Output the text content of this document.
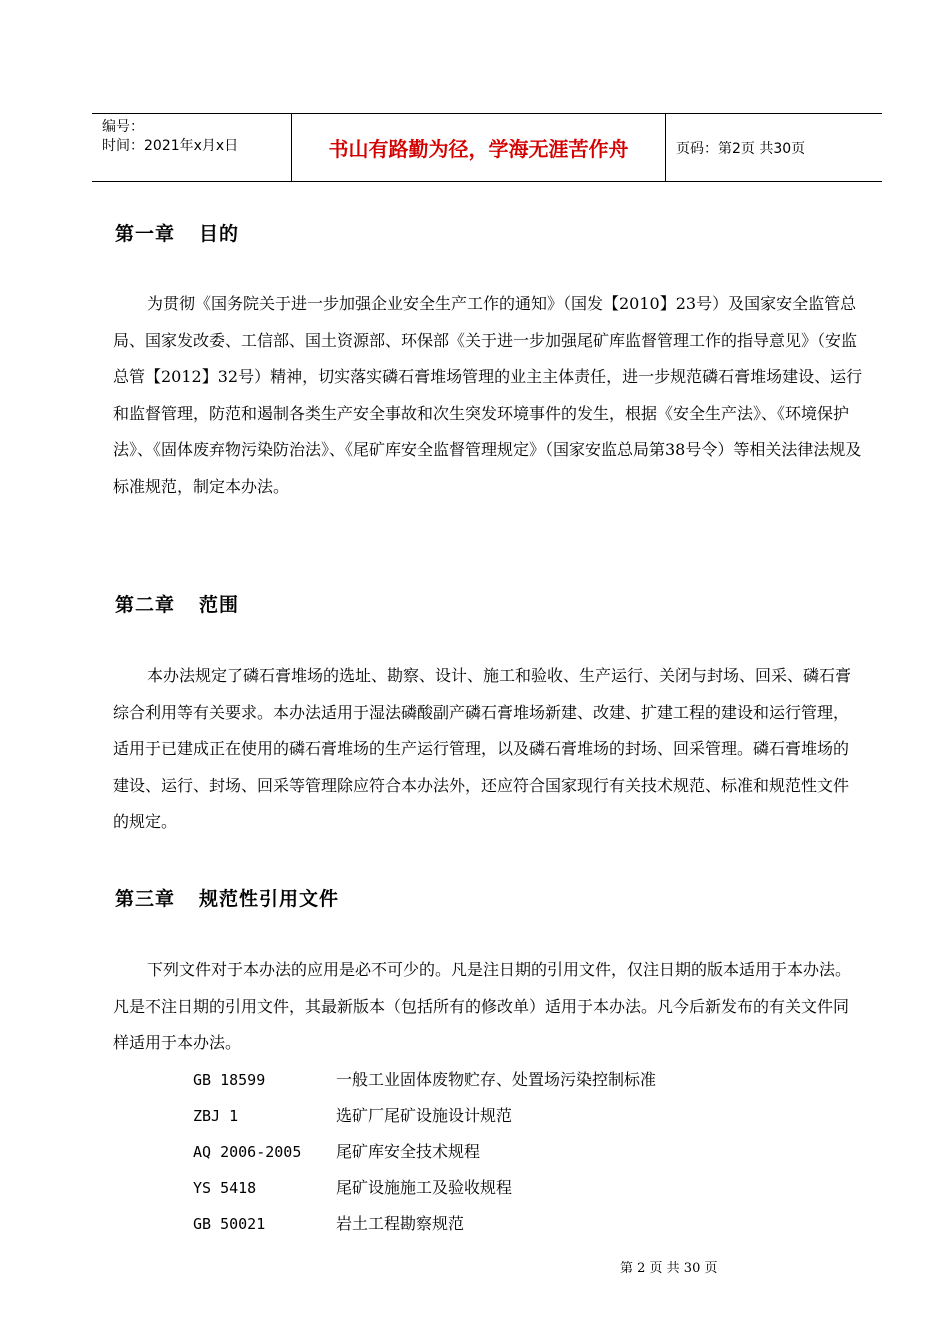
编号：
时间：2021年x月x日	书山有路勤为径，学海无涯苦作舟	页码： 第2页 共30页
第一章 目的

为贯彻《国务院关于进一步加强企业安全生产工作的通知》（国发【2010】23号）及国家安全监管总局、国家发改委、工信部、国土资源部、环保部《关于进一步加强尾矿库监督管理工作的指导意见》（安监总管【2012】32号）精神，切实落实磷石膏堆场管理的业主主体责任，进一步规范磷石膏堆场建设、运行和监督管理，防范和遏制各类生产安全事故和次生突发环境事件的发生，根据《安全生产法》、《环境保护法》、《固体废弃物污染防治法》、《尾矿库安全监督管理规定》（国家安监总局第38号令）等相关法律法规及标准规范，制定本办法。

第二章 范围

本办法规定了磷石膏堆场的选址、勘察、设计、施工和验收、生产运行、关闭与封场、回采、磷石膏综合利用等有关要求。本办法适用于湿法磷酸副产磷石膏堆场新建、改建、扩建工程的建设和运行管理，适用于已建成正在使用的磷石膏堆场的生产运行管理，以及磷石膏堆场的封场、回采管理。磷石膏堆场的建设、运行、封场、回采等管理除应符合本办法外，还应符合国家现行有关技术规范、标准和规范性文件的规定。

第三章 规范性引用文件

下列文件对于本办法的应用是必不可少的。凡是注日期的引用文件，仅注日期的版本适用于本办法。凡是不注日期的引用文件，其最新版本（包括所有的修改单）适用于本办法。凡今后新发布的有关文件同样适用于本办法。

GB 18599	一般工业固体废物贮存、处置场污染控制标准
ZBJ 1	选矿厂尾矿设施设计规范
AQ 2006-2005	尾矿库安全技术规程
YS 5418	尾矿设施施工及验收规程
GB 50021	岩土工程勘察规范
第 2 页 共 30 页
